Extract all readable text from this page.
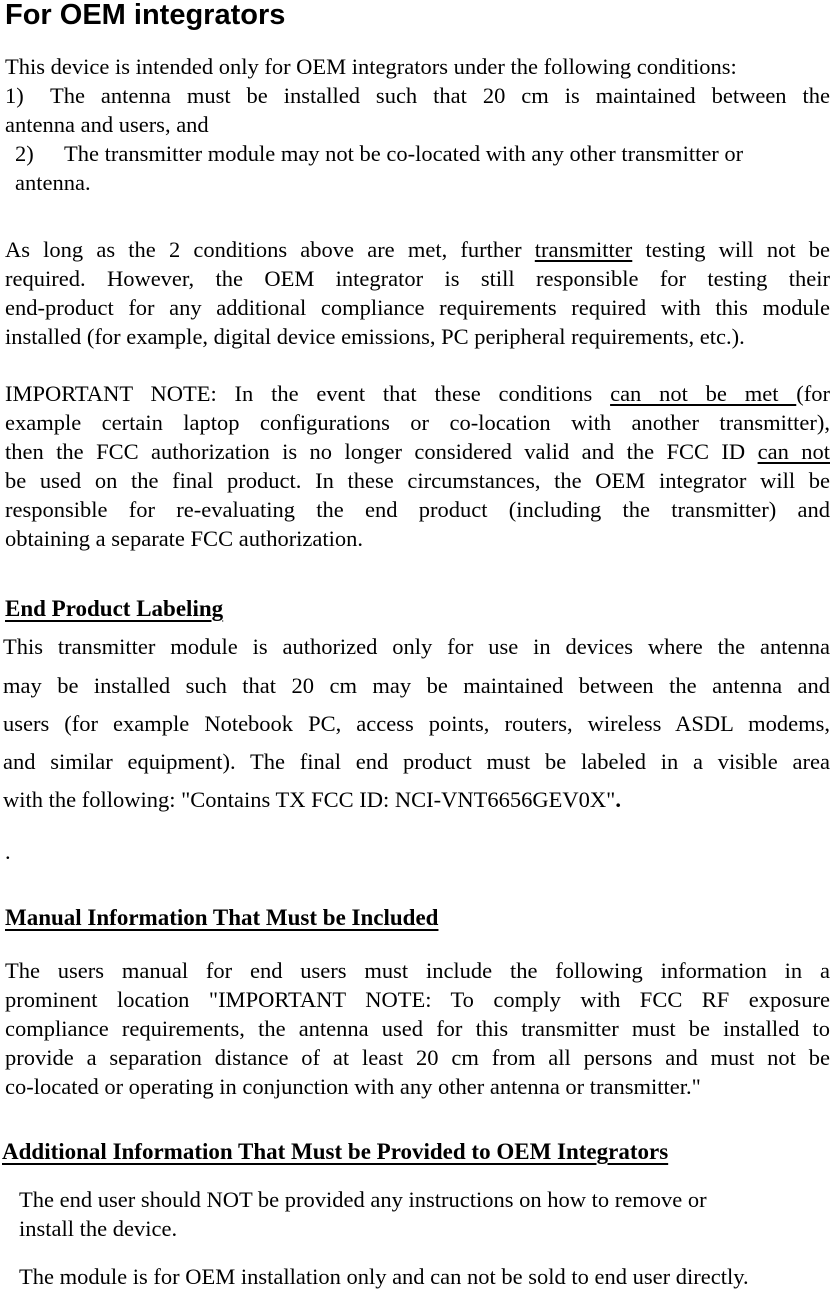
For OEM integrators
This device is intended only for OEM integrators under the following conditions:
1) The antenna must be installed such that 20 cm is maintained between the
antenna and users, and
2) The transmitter module may not be co-located with any other transmitter or
antenna.
As long as the 2 conditions above are met, further transmitter testing will not be
required. However, the OEM integrator is still responsible for testing their
end-product for any additional compliance requirements required with this module
installed (for example, digital device emissions, PC peripheral requirements, etc.).
IMPORTANT NOTE: In the event that these conditions can not be met (for
example certain laptop configurations or co-location with another transmitter),
then the FCC authorization is no longer considered valid and the FCC ID can not
be used on the final product. In these circumstances, the OEM integrator will be
responsible for re-evaluating the end product (including the transmitter) and
obtaining a separate FCC authorization.
End Product Labeling
This transmitter module is authorized only for use in devices where the antenna
may be installed such that 20 cm may be maintained between the antenna and
users (for example Notebook PC, access points, routers, wireless ASDL modems,
and similar equipment). The final end product must be labeled in a visible area
with the following: "Contains TX FCC ID: NCI-VNT6656GEV0X".
.
Manual Information That Must be Included
The users manual for end users must include the following information in a
prominent location "IMPORTANT NOTE: To comply with FCC RF exposure
compliance requirements, the antenna used for this transmitter must be installed to
provide a separation distance of at least 20 cm from all persons and must not be
co-located or operating in conjunction with any other antenna or transmitter."
Additional Information That Must be Provided to OEM Integrators
The end user should NOT be provided any instructions on how to remove or
install the device.
The module is for OEM installation only and can not be sold to end user directly.
